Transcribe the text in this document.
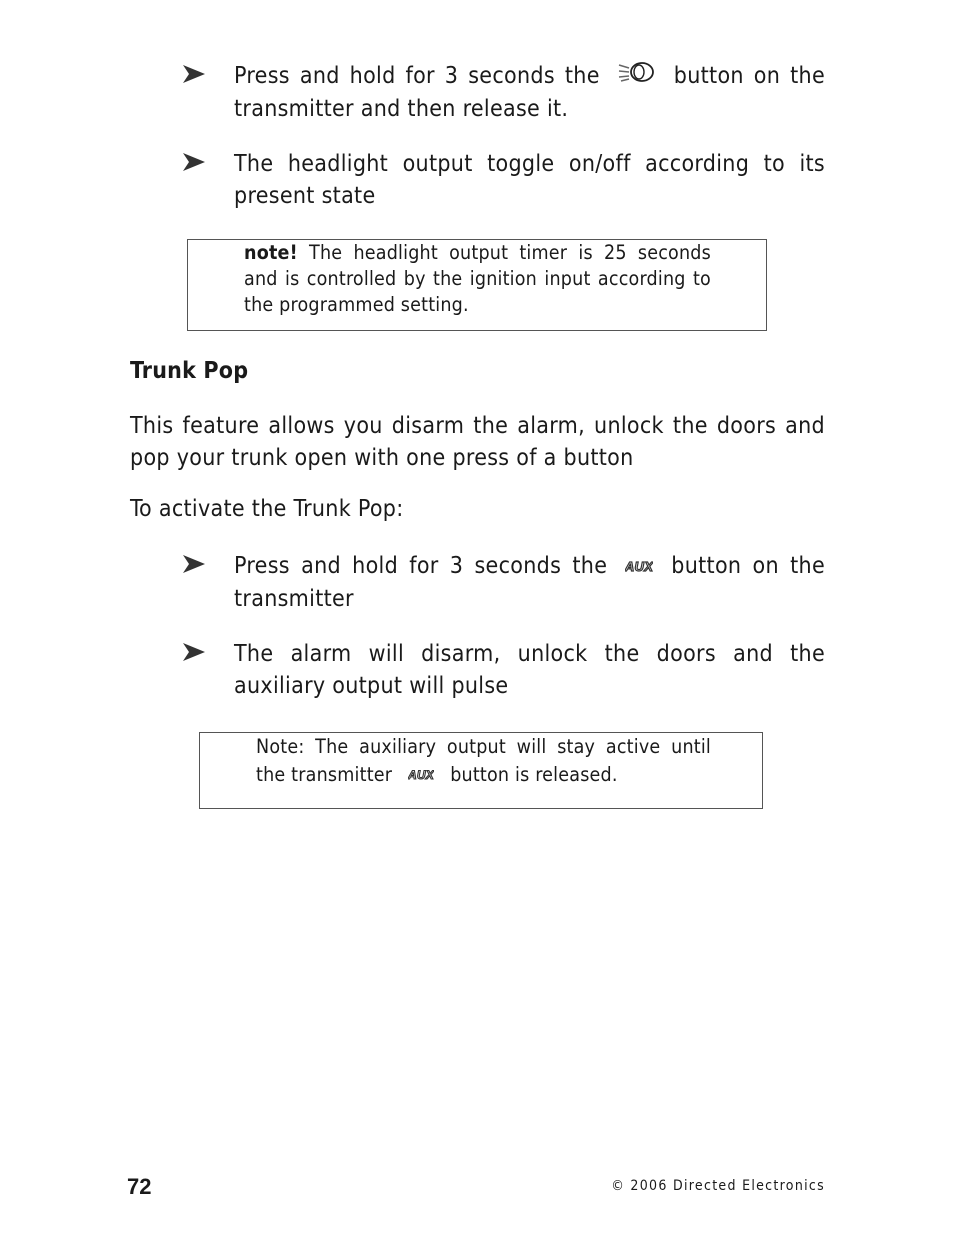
Press and hold for 3 seconds the	button on the transmitter and then release it.
The headlight output toggle on/off according to its present state
note! The headlight output timer is 25 seconds and is controlled by the ignition input according to the programmed setting.
Trunk Pop
This feature allows you disarm the alarm, unlock the doors and pop your trunk open with one press of a button
To activate the Trunk Pop:
Press and hold for 3 seconds the AUX button on the transmitter
The alarm will disarm, unlock the doors and the auxiliary output will pulse
Note: The auxiliary output will stay active until the transmitter AUX button is released.
72	© 2006 Directed Electronics
